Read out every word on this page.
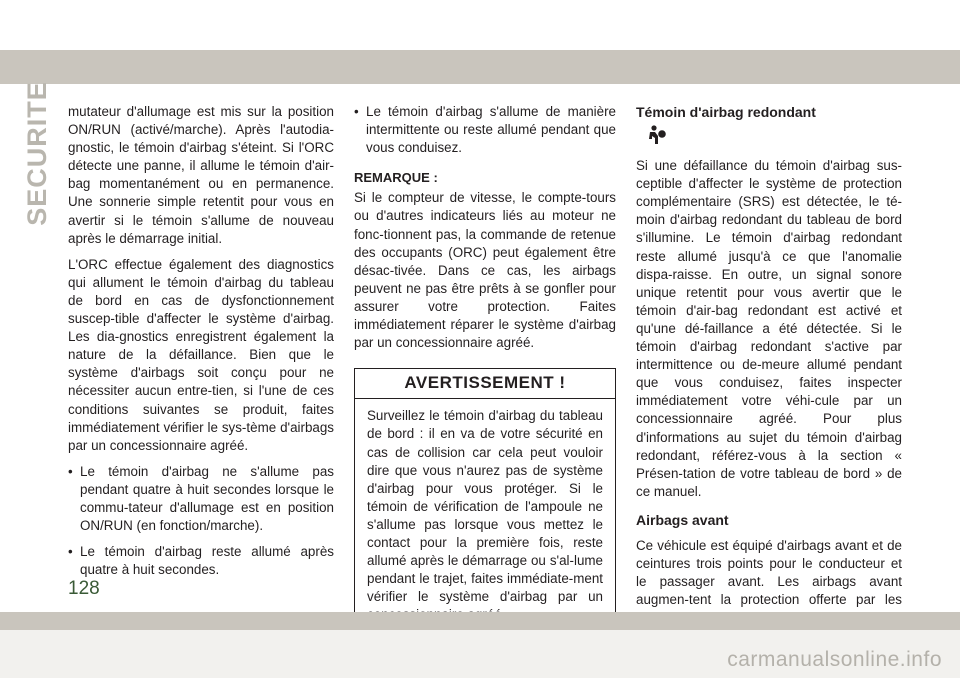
SECURITE mutateur d'allumage est mis sur la position ON/RUN (activé/marche). Après l'autodia-gnostic, le témoin d'airbag s'éteint. Si l'ORC détecte une panne, il allume le témoin d'air-bag momentanément ou en permanence. Une sonnerie simple retentit pour vous en avertir si le témoin s'allume de nouveau après le démarrage initial.

L'ORC effectue également des diagnostics qui allument le témoin d'airbag du tableau de bord en cas de dysfonctionnement suscep-tible d'affecter le système d'airbag. Les dia-gnostics enregistrent également la nature de la défaillance. Bien que le système d'airbags soit conçu pour ne nécessiter aucun entre-tien, si l'une de ces conditions suivantes se produit, faites immédiatement vérifier le sys-tème d'airbags par un concessionnaire agréé.

• Le témoin d'airbag ne s'allume pas pendant quatre à huit secondes lorsque le commu-tateur d'allumage est en position ON/RUN (en fonction/marche).
• Le témoin d'airbag reste allumé après quatre à huit secondes.
• Le témoin d'airbag s'allume de manière intermittente ou reste allumé pendant que vous conduisez.
REMARQUE :

Si le compteur de vitesse, le compte-tours ou d'autres indicateurs liés au moteur ne fonc-tionnent pas, la commande de retenue des occupants (ORC) peut également être désac-tivée. Dans ce cas, les airbags peuvent ne pas être prêts à se gonfler pour assurer votre protection. Faites immédiatement réparer le système d'airbag par un concessionnaire agréé.

AVERTISSEMENT !
Surveillez le témoin d'airbag du tableau de bord : il en va de votre sécurité en cas de collision car cela peut vouloir dire que vous n'aurez pas de système d'airbag pour vous protéger. Si le témoin de vérification de l'ampoule ne s'allume pas lorsque vous mettez le contact pour la première fois, reste allumé après le démarrage ou s'al-lume pendant le trajet, faites immédiate-ment vérifier le système d'airbag par un
Témoin d'airbag redondant

Si une défaillance du témoin d'airbag sus-ceptible d'affecter le système de protection complémentaire (SRS) est détectée, le té-moin d'airbag redondant du tableau de bord s'illumine. Le témoin d'airbag redondant reste allumé jusqu'à ce que l'anomalie dispa-raisse. En outre, un signal sonore unique retentit pour vous avertir que le témoin d'air-bag redondant est activé et qu'une dé-faillance a été détectée. Si le témoin d'airbag redondant s'active par intermittence ou de-meure allumé pendant que vous conduisez, faites inspecter immédiatement votre véhi-cule par un concessionnaire agréé. Pour plus d'informations au sujet du témoin d'airbag redondant, référez-vous à la section « Présen-tation de votre tableau de bord » de ce manuel.

Airbags avant

Ce véhicule est équipé d'airbags avant et de ceintures trois points pour le conducteur et le passager avant. Les airbags avant augmen-tent la protection offerte par les

128
carmanualsonline.info
